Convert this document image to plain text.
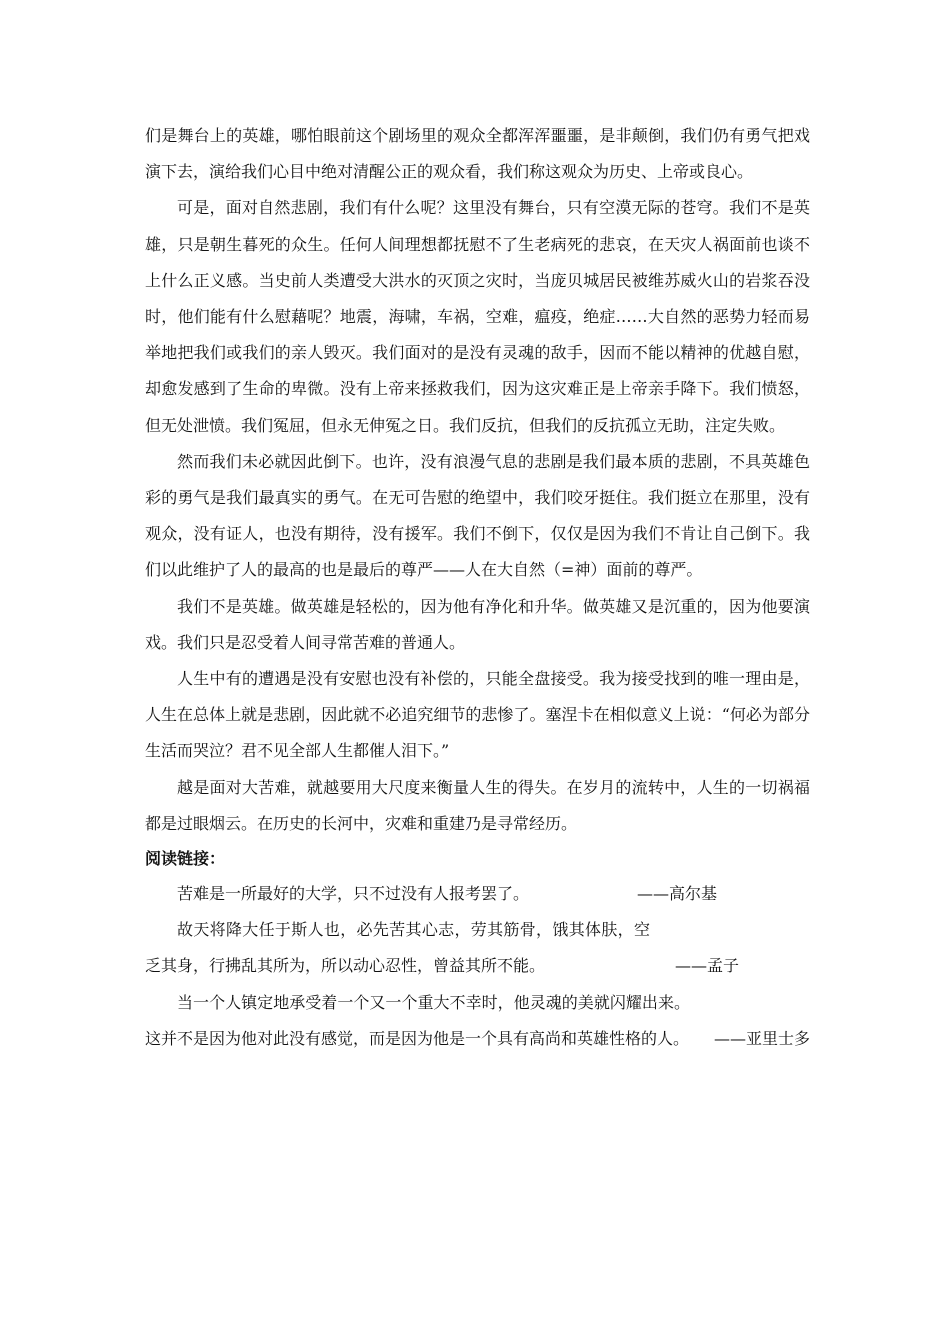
们是舞台上的英雄，哪怕眼前这个剧场里的观众全都浑浑噩噩，是非颠倒，我们仍有勇气把戏演下去，演给我们心目中绝对清醒公正的观众看，我们称这观众为历史、上帝或良心。

可是，面对自然悲剧，我们有什么呢？这里没有舞台，只有空漠无际的苍穹。我们不是英雄，只是朝生暮死的众生。任何人间理想都抚慰不了生老病死的悲哀，在天灾人祸面前也谈不上什么正义感。当史前人类遭受大洪水的灭顶之灾时，当庞贝城居民被维苏威火山的岩浆吞没时，他们能有什么慰藉呢？地震，海啸，车祸，空难，瘟疫，绝症……大自然的恶势力轻而易举地把我们或我们的亲人毁灭。我们面对的是没有灵魂的敌手，因而不能以精神的优越自慰，却愈发感到了生命的卑微。没有上帝来拯救我们，因为这灾难正是上帝亲手降下。我们愤怒，但无处泄愤。我们冤屈，但永无伸冤之日。我们反抗，但我们的反抗孤立无助，注定失败。

然而我们未必就因此倒下。也许，没有浪漫气息的悲剧是我们最本质的悲剧，不具英雄色彩的勇气是我们最真实的勇气。在无可告慰的绝望中，我们咬牙挺住。我们挺立在那里，没有观众，没有证人，也没有期待，没有援军。我们不倒下，仅仅是因为我们不肯让自己倒下。我们以此维护了人的最高的也是最后的尊严——人在大自然（=神）面前的尊严。

我们不是英雄。做英雄是轻松的，因为他有净化和升华。做英雄又是沉重的，因为他要演戏。我们只是忍受着人间寻常苦难的普通人。

人生中有的遭遇是没有安慰也没有补偿的，只能全盘接受。我为接受找到的唯一理由是，人生在总体上就是悲剧，因此就不必追究细节的悲惨了。塞涅卡在相似意义上说：“何必为部分生活而哭泣？君不见全部人生都催人泪下。”

越是面对大苦难，就越要用大尺度来衡量人生的得失。在岁月的流转中，人生的一切祸福都是过眼烟云。在历史的长河中，灾难和重建乃是寻常经历。

阅读链接：

苦难是一所最好的大学，只不过没有人报考罢了。	——高尔基

故天将降大任于斯人也，必先苦其心志，劳其筋骨，饿其体肤，空乏其身，行拂乱其所为，所以动心忍性，曾益其所不能。	——孟子

当一个人镇定地承受着一个又一个重大不幸时，他灵魂的美就闪耀出来。这并不是因为他对此没有感觉，而是因为他是一个具有高尚和英雄性格的人。	——亚里士多
